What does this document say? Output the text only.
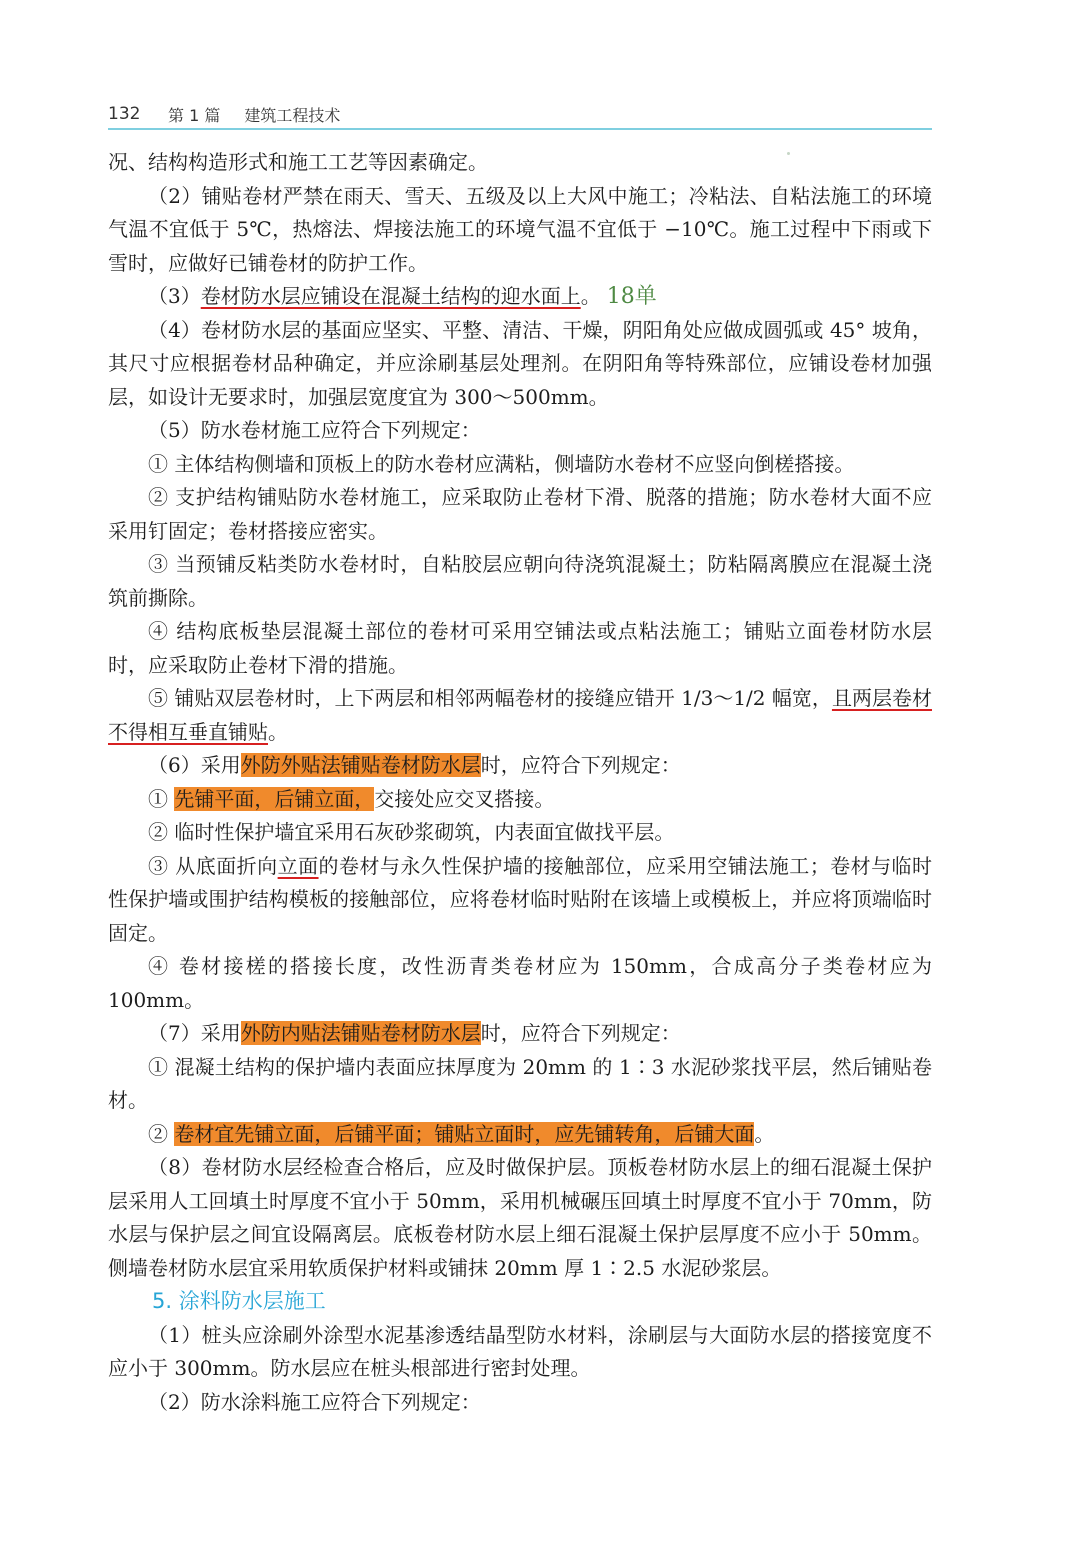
132	第 1 篇 建筑工程技术

况、结构构造形式和施工工艺等因素确定。

（2）铺贴卷材严禁在雨天、雪天、五级及以上大风中施工；冷粘法、自粘法施工的环境气温不宜低于 5℃，热熔法、焊接法施工的环境气温不宜低于 −10℃。施工过程中下雨或下雪时，应做好已铺卷材的防护工作。

（3）卷材防水层应铺设在混凝土结构的迎水面上。 18单

（4）卷材防水层的基面应坚实、平整、清洁、干燥，阴阳角处应做成圆弧或 45° 坡角，其尺寸应根据卷材品种确定，并应涂刷基层处理剂。在阴阳角等特殊部位，应铺设卷材加强层，如设计无要求时，加强层宽度宜为 300～500mm。

（5）防水卷材施工应符合下列规定：

① 主体结构侧墙和顶板上的防水卷材应满粘，侧墙防水卷材不应竖向倒槎搭接。

② 支护结构铺贴防水卷材施工，应采取防止卷材下滑、脱落的措施；防水卷材大面不应采用钉固定；卷材搭接应密实。

③ 当预铺反粘类防水卷材时，自粘胶层应朝向待浇筑混凝土；防粘隔离膜应在混凝土浇筑前撕除。

④ 结构底板垫层混凝土部位的卷材可采用空铺法或点粘法施工；铺贴立面卷材防水层时，应采取防止卷材下滑的措施。

⑤ 铺贴双层卷材时，上下两层和相邻两幅卷材的接缝应错开 1/3～1/2 幅宽，且两层卷材不得相互垂直铺贴。

（6）采用外防外贴法铺贴卷材防水层时，应符合下列规定：

① 先铺平面，后铺立面，交接处应交叉搭接。

② 临时性保护墙宜采用石灰砂浆砌筑，内表面宜做找平层。

③ 从底面折向立面的卷材与永久性保护墙的接触部位，应采用空铺法施工；卷材与临时性保护墙或围护结构模板的接触部位，应将卷材临时贴附在该墙上或模板上，并应将顶端临时固定。

④ 卷材接槎的搭接长度，改性沥青类卷材应为 150mm，合成高分子类卷材应为 100mm。

（7）采用外防内贴法铺贴卷材防水层时，应符合下列规定：

① 混凝土结构的保护墙内表面应抹厚度为 20mm 的 1∶3 水泥砂浆找平层，然后铺贴卷材。

② 卷材宜先铺立面，后铺平面；铺贴立面时，应先铺转角，后铺大面。

（8）卷材防水层经检查合格后，应及时做保护层。顶板卷材防水层上的细石混凝土保护层采用人工回填土时厚度不宜小于 50mm，采用机械碾压回填土时厚度不宜小于 70mm，防水层与保护层之间宜设隔离层。底板卷材防水层上细石混凝土保护层厚度不应小于 50mm。侧墙卷材防水层宜采用软质保护材料或铺抹 20mm 厚 1∶2.5 水泥砂浆层。

5. 涂料防水层施工

（1）桩头应涂刷外涂型水泥基渗透结晶型防水材料，涂刷层与大面防水层的搭接宽度不应小于 300mm。防水层应在桩头根部进行密封处理。

（2）防水涂料施工应符合下列规定：
